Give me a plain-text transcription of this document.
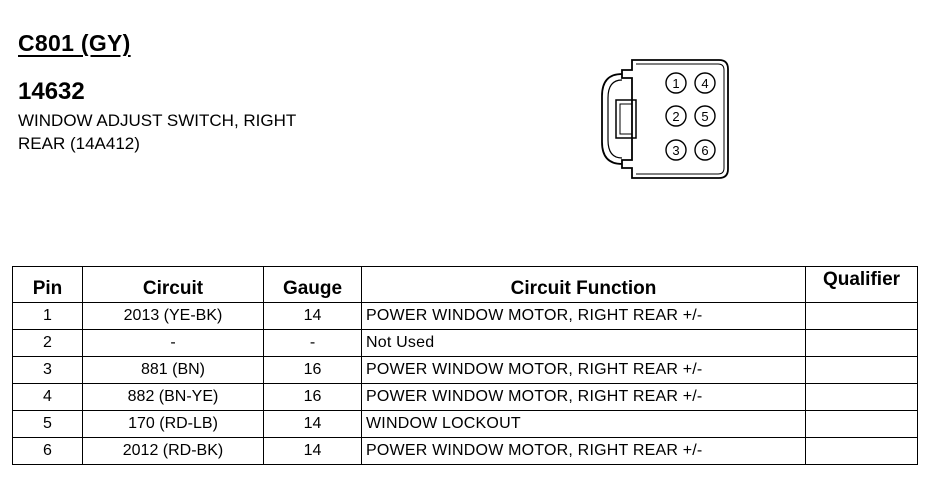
C801 (GY)
14632
WINDOW ADJUST SWITCH, RIGHT
REAR (14A412)
1 4
2 5
3 6
Pin	Circuit	Gauge	Circuit Function	Qualifier
1	2013 (YE-BK)	14	POWER WINDOW MOTOR, RIGHT REAR +/-	
2	-	-	Not Used	
3	881 (BN)	16	POWER WINDOW MOTOR, RIGHT REAR +/-	
4	882 (BN-YE)	16	POWER WINDOW MOTOR, RIGHT REAR +/-	
5	170 (RD-LB)	14	WINDOW LOCKOUT	
6	2012 (RD-BK)	14	POWER WINDOW MOTOR, RIGHT REAR +/-	
